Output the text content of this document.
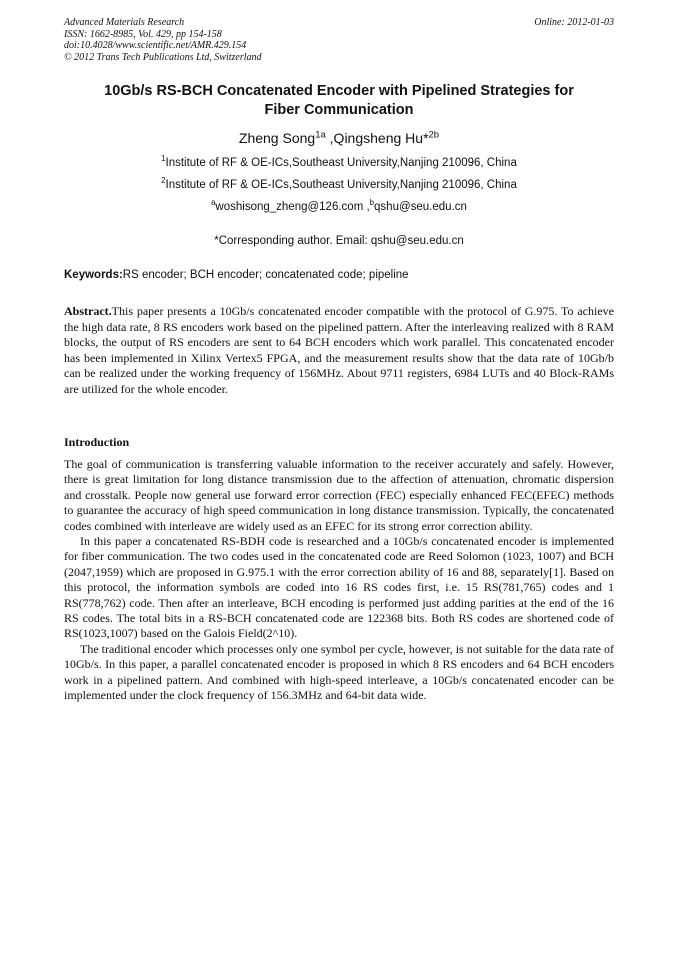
Advanced Materials Research
ISSN: 1662-8985, Vol. 429, pp 154-158
doi:10.4028/www.scientific.net/AMR.429.154
© 2012 Trans Tech Publications Ltd, Switzerland
Online: 2012-01-03
10Gb/s RS-BCH Concatenated Encoder with Pipelined Strategies for
Fiber Communication
Zheng Song$^{1a}$ ,Qingsheng Hu*$^{2b}$
$^1$Institute of RF & OE-ICs,Southeast University,Nanjing 210096, China
$^2$Institute of RF & OE-ICs,Southeast University,Nanjing 210096, China
$^a$woshisong_zheng@126.com ,$^b$qshu@seu.edu.cn
*Corresponding author. Email: qshu@seu.edu.cn
Keywords:RS encoder; BCH encoder; concatenated code; pipeline

Abstract.This paper presents a 10Gb/s concatenated encoder compatible with the protocol of G.975. To achieve the high data rate, 8 RS encoders work based on the pipelined pattern. After the interleaving realized with 8 RAM blocks, the output of RS encoders are sent to 64 BCH encoders which work parallel. This concatenated encoder has been implemented in Xilinx Vertex5 FPGA, and the measurement results show that the data rate of 10Gb/b can be realized under the working frequency of 156MHz. About 9711 registers, 6984 LUTs and 40 Block-RAMs are utilized for the whole encoder.

Introduction

The goal of communication is transferring valuable information to the receiver accurately and safely. However, there is great limitation for long distance transmission due to the affection of attenuation, chromatic dispersion and crosstalk. People now general use forward error correction (FEC) especially enhanced FEC(EFEC) methods to guarantee the accuracy of high speed communication in long distance transmission. Typically, the concatenated codes combined with interleave are widely used as an EFEC for its strong error correction ability.

In this paper a concatenated RS-BDH code is researched and a 10Gb/s concatenated encoder is implemented for fiber communication. The two codes used in the concatenated code are Reed Solomon (1023, 1007) and BCH (2047,1959) which are proposed in G.975.1 with the error correction ability of 16 and 88, separately[1]. Based on this protocol, the information symbols are coded into 16 RS codes first, i.e. 15 RS(781,765) codes and 1 RS(778,762) code. Then after an interleave, BCH encoding is performed just adding parities at the end of the 16 RS codes. The total bits in a RS-BCH concatenated code are 122368 bits. Both RS codes are shortened code of RS(1023,1007) based on the Galois Field(2^10).

The traditional encoder which processes only one symbol per cycle, however, is not suitable for the data rate of 10Gb/s. In this paper, a parallel concatenated encoder is proposed in which 8 RS encoders and 64 BCH encoders work in a pipelined pattern. And combined with high-speed interleave, a 10Gb/s concatenated encoder can be implemented under the clock frequency of 156.3MHz and 64-bit data wide.
